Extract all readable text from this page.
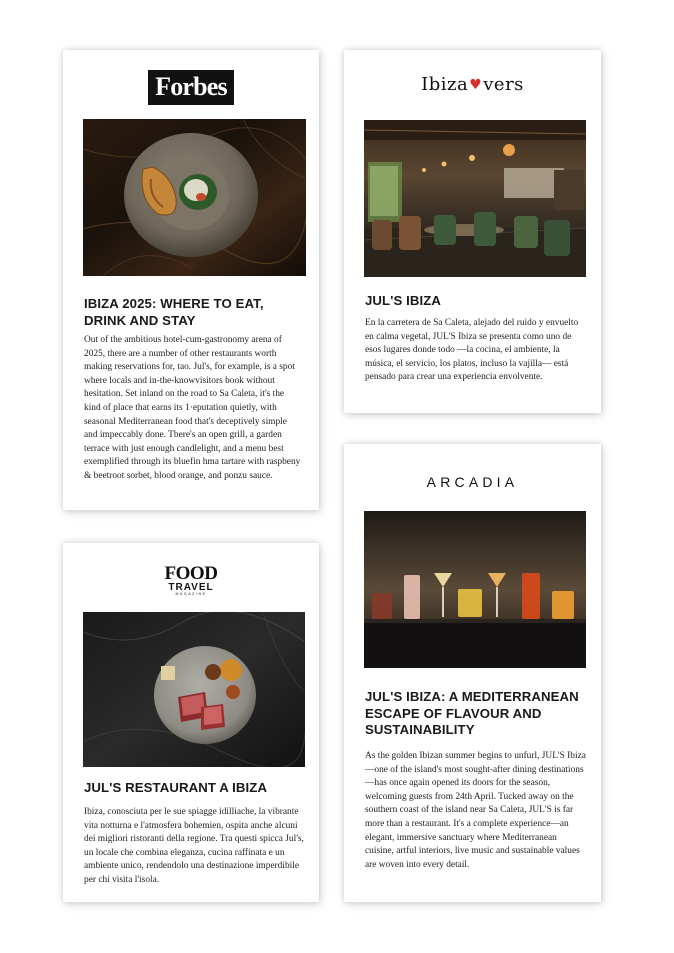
Forbes
IBIZA 2025: WHERE TO EAT, DRINK AND STAY

Out of the ambitious hotel-cum-gastronomy arena of 2025, there are a number of other restaurants worth making reservations for, tao. Jul's, for example, is a spot where locals and in-the-knowvisitors book without hesitation. Set inland on the road to Sa Caleta, it's the kind of place that earns its 1·eputation quietly, with seasonal Mediterranean food that's deceptively simple and impeccably done. Tbere's an open grill, a garden terrace with just enough candlelight, and a menu best exemplified through its bluefin hma tartare with raspbeny & beetroot sorbet, blood orange, and ponzu sauce.

Ibiza ♥ vers
JUL'S IBIZA

En la carretera de Sa Caleta, alejado del ruido y envuelto en calma vegetal, JUL'S Ibiza se presenta como uno de esos lugares donde todo —la cocina, el ambiente, la música, el servicio, los platos, incluso la vajilla— está pensado para crear una experiencia envolvente.

FOOD
TRAVEL
MAGAZINE
JUL'S RESTAURANT A IBIZA

Ibiza, conosciuta per le sue spiagge idilliache, la vibrante vita notturna e l'atmosfera bohemien, ospita anche alcuni dei migliori ristoranti della regione. Tra questi spicca Jul's, un locale che combina eleganza, cucina raffinata e un ambiente unico, rendendolo una destinazione imperdibile per chi visita l'isola.

ARCADIA
JUL'S IBIZA: A MEDITERRANEAN ESCAPE OF FLAVOUR AND SUSTAINABILITY

As the golden Ibizan summer begins to unfurl, JUL'S Ibiza—one of the island's most sought-after dining destinations—has once again opened its doors for the season, welcoming guests from 24th April. Tucked away on the southern coast of the island near Sa Caleta, JUL'S is far more than a restaurant. It's a complete experience—an elegant, immersive sanctuary where Mediterranean cuisine, artful interiors, live music and sustainable values are woven into every detail.
